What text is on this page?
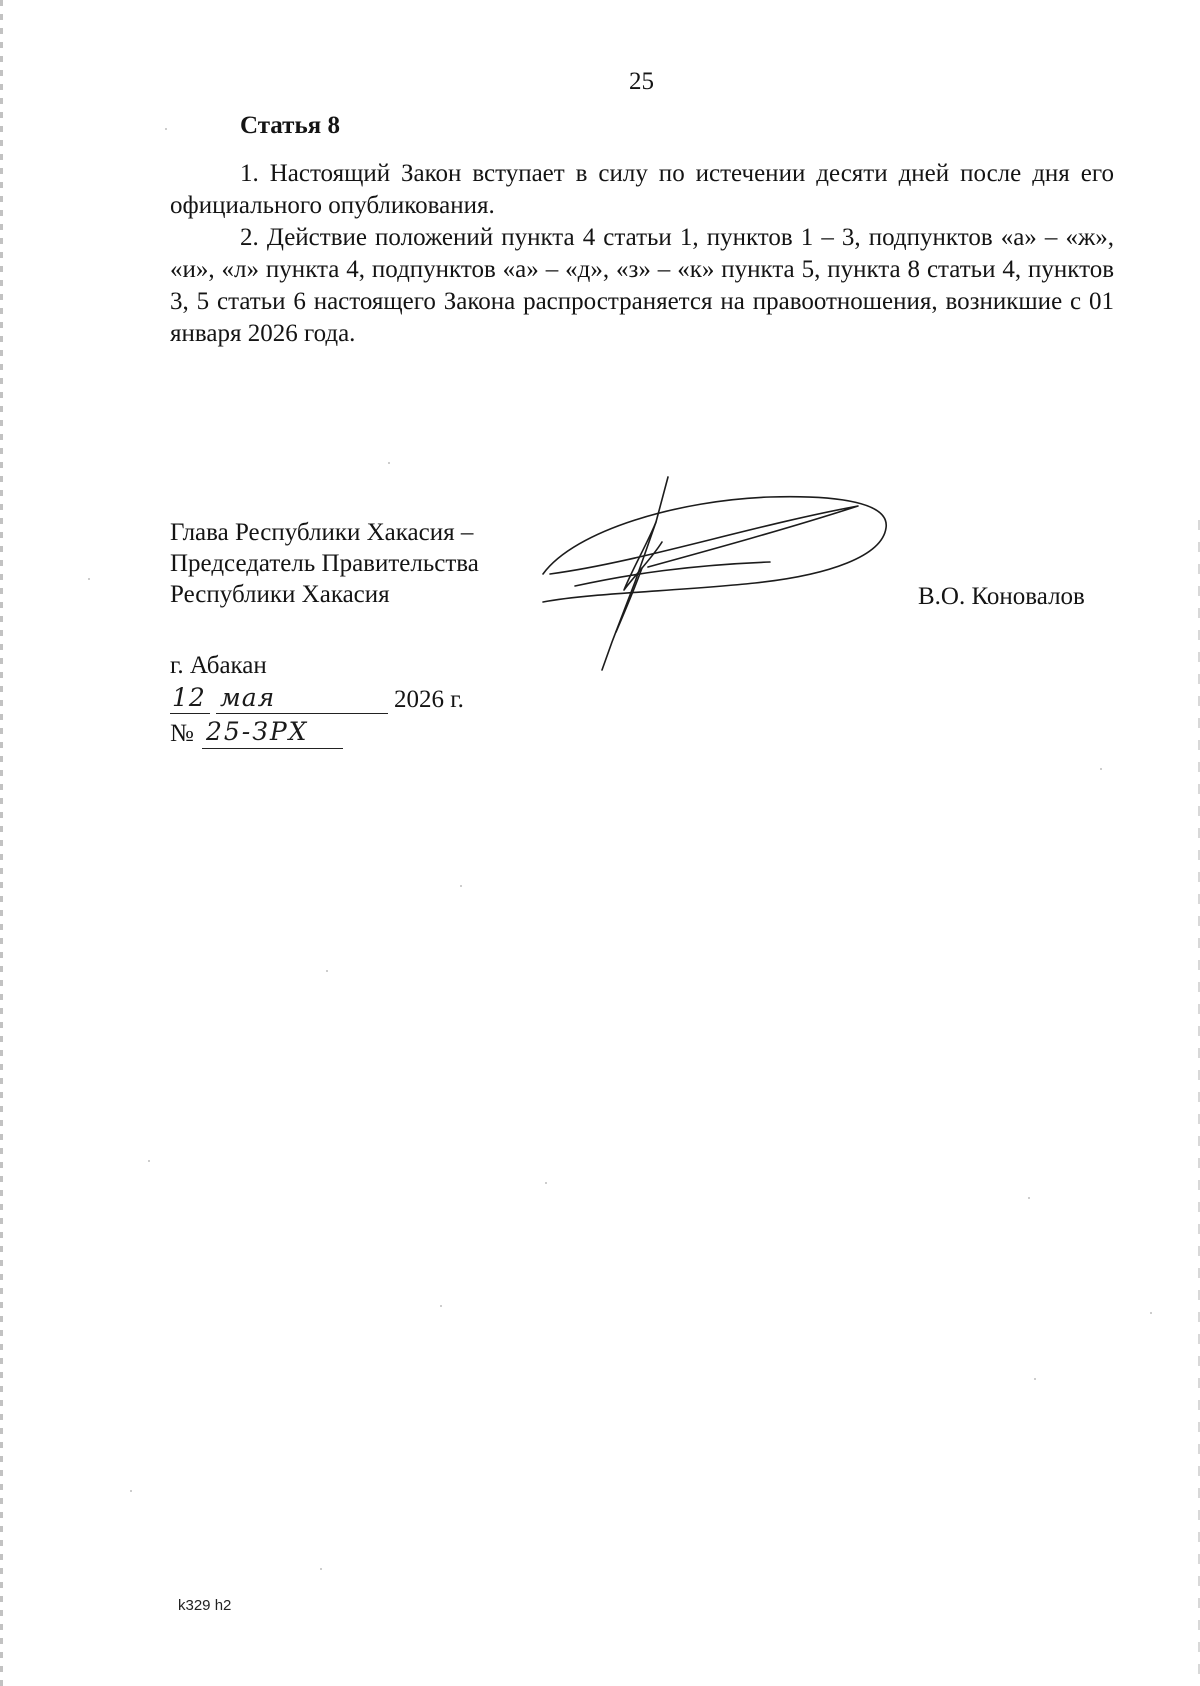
25
Статья 8

1. Настоящий Закон вступает в силу по истечении десяти дней после дня его официального опубликования.

2. Действие положений пункта 4 статьи 1, пунктов 1 – 3, подпунктов «а» – «ж», «и», «л» пункта 4, подпунктов «а» – «д», «з» – «к» пункта 5, пункта 8 статьи 4, пунктов 3, 5 статьи 6 настоящего Закона распространяется на правоотношения, возникшие с 01 января 2026 года.

Глава Республики Хакасия –
Председатель Правительства
Республики Хакасия	В.О. Коновалов
г. Абакан
12 мая	2026 г.
№ 25-ЗРХ
k329 h2
